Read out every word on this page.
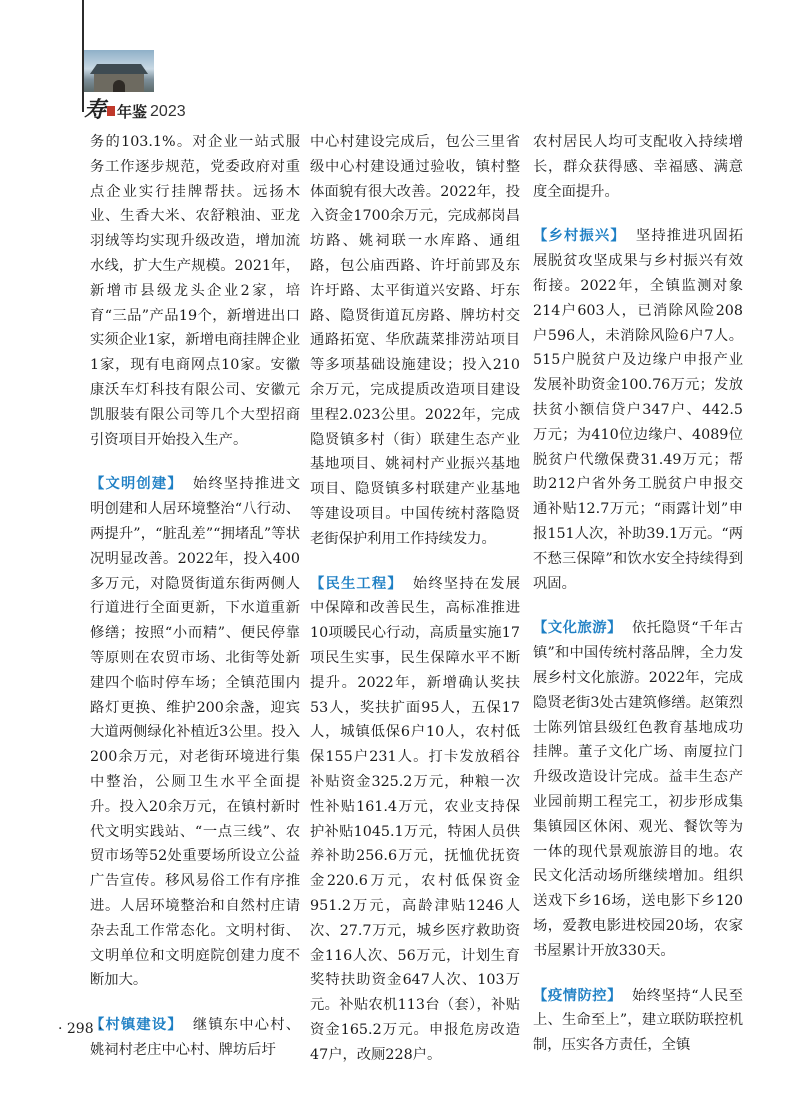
寿 年鉴 2023

务的103.1%。对企业一站式服务工作逐步规范，党委政府对重点企业实行挂牌帮扶。远扬木业、生香大米、农舒粮油、亚龙羽绒等均实现升级改造，增加流水线，扩大生产规模。2021年，新增市县级龙头企业2家，培育“三品”产品19个，新增进出口实须企业1家，新增电商挂牌企业1家，现有电商网点10家。安徽康沃车灯科技有限公司、安徽元凯服装有限公司等几个大型招商引资项目开始投入生产。

【文明创建】 始终坚持推进文明创建和人居环境整治“八行动、两提升”，“脏乱差”“拥堵乱”等状况明显改善。2022年，投入400多万元，对隐贤街道东街两侧人行道进行全面更新，下水道重新修缮；按照“小而精”、便民停靠等原则在农贸市场、北街等处新建四个临时停车场；全镇范围内路灯更换、维护200余盏，迎宾大道两侧绿化补植近3公里。投入200余万元，对老街环境进行集中整治，公厕卫生水平全面提升。投入20余万元，在镇村新时代文明实践站、“一点三线”、农贸市场等52处重要场所设立公益广告宣传。移风易俗工作有序推进。人居环境整治和自然村庄请杂去乱工作常态化。文明村街、文明单位和文明庭院创建力度不断加大。

【村镇建设】 继镇东中心村、姚祠村老庄中心村、牌坊后圩

中心村建设完成后，包公三里省级中心村建设通过验收，镇村整体面貌有很大改善。2022年，投入资金1700余万元，完成郝岗昌坊路、姚祠联一水库路、通组路，包公庙西路、许圩前郢及东许圩路、太平街道兴安路、圩东路、隐贤街道瓦房路、牌坊村交通路拓宽、华欣蔬菜排涝站项目等多项基础设施建设；投入210余万元，完成提质改造项目建设里程2.023公里。2022年，完成隐贤镇多村（街）联建生态产业基地项目、姚祠村产业振兴基地项目、隐贤镇多村联建产业基地等建设项目。中国传统村落隐贤老街保护利用工作持续发力。

【民生工程】 始终坚持在发展中保障和改善民生，高标准推进10项暖民心行动，高质量实施17项民生实事，民生保障水平不断提升。2022年，新增确认奖扶53人，奖扶扩面95人，五保17人，城镇低保6户10人，农村低保155户231人。打卡发放稻谷补贴资金325.2万元，种粮一次性补贴161.4万元，农业支持保护补贴1045.1万元，特困人员供养补助256.6万元，抚恤优抚资金220.6万元，农村低保资金951.2万元，高龄津贴1246人次、27.7万元，城乡医疗救助资金116人次、56万元，计划生育奖特扶助资金647人次、103万元。补贴农机113台（套），补贴资金165.2万元。申报危房改造47户，改厕228户。

农村居民人均可支配收入持续增长，群众获得感、幸福感、满意度全面提升。

【乡村振兴】 坚持推进巩固拓展脱贫攻坚成果与乡村振兴有效衔接。2022年，全镇监测对象214户603人，已消除风险208户596人，未消除风险6户7人。515户脱贫户及边缘户申报产业发展补助资金100.76万元；发放扶贫小额信贷户347户、442.5万元；为410位边缘户、4089位脱贫户代缴保费31.49万元；帮助212户省外务工脱贫户申报交通补贴12.7万元；“雨露计划”申报151人次，补助39.1万元。“两不愁三保障”和饮水安全持续得到巩固。

【文化旅游】 依托隐贤“千年古镇”和中国传统村落品牌，全力发展乡村文化旅游。2022年，完成隐贤老街3处古建筑修缮。赵策烈士陈列馆县级红色教育基地成功挂牌。董子文化广场、南厦拉门升级改造设计完成。益丰生态产业园前期工程完工，初步形成集集镇园区休闲、观光、餐饮等为一体的现代景观旅游目的地。农民文化活动场所继续增加。组织送戏下乡16场，送电影下乡120场，爱教电影进校园20场，农家书屋累计开放330天。

【疫情防控】 始终坚持“人民至上、生命至上”，建立联防联控机制，压实各方责任，全镇

· 298 ·
